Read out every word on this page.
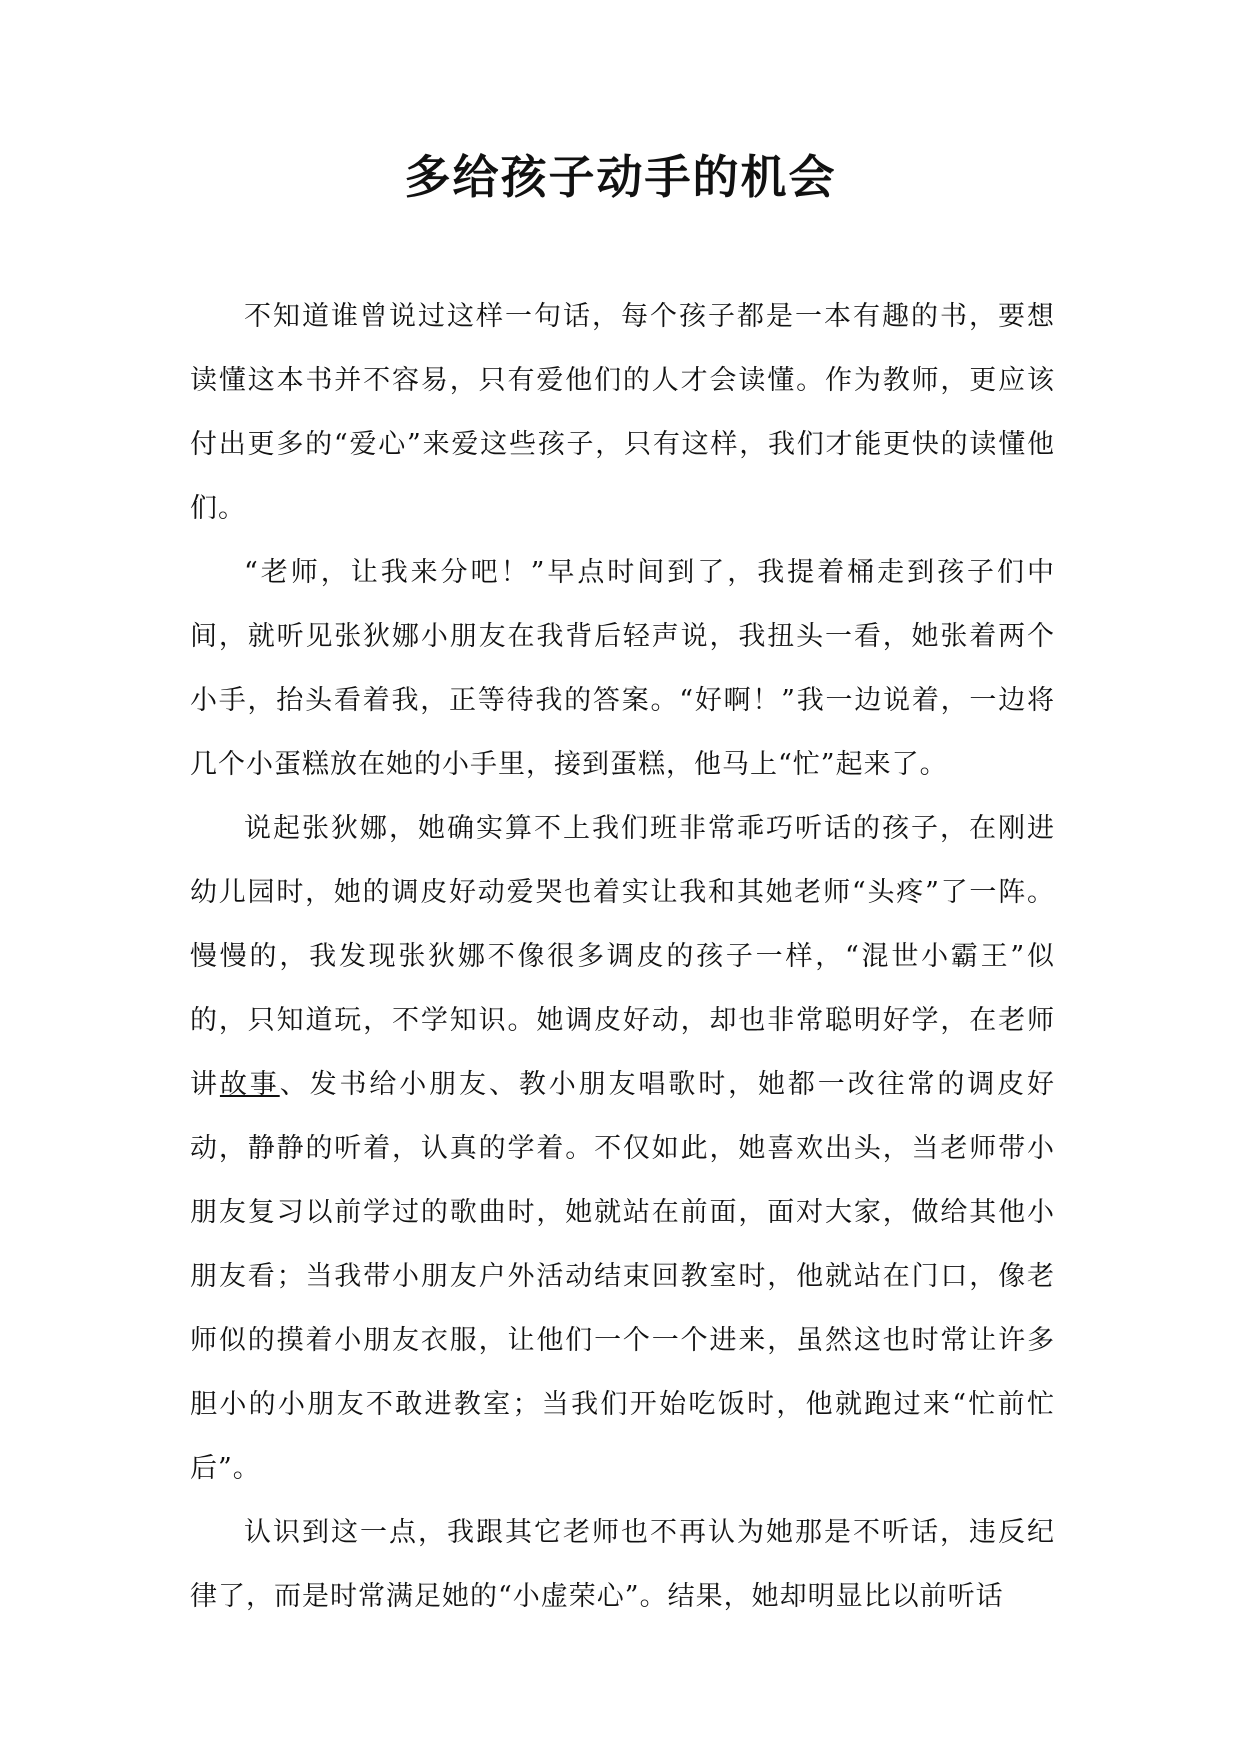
多给孩子动手的机会

不知道谁曾说过这样一句话，每个孩子都是一本有趣的书，要想读懂这本书并不容易，只有爱他们的人才会读懂。作为教师，更应该付出更多的“爱心”来爱这些孩子，只有这样，我们才能更快的读懂他们。

“老师，让我来分吧！”早点时间到了，我提着桶走到孩子们中间，就听见张狄娜小朋友在我背后轻声说，我扭头一看，她张着两个小手，抬头看着我，正等待我的答案。“好啊！”我一边说着，一边将几个小蛋糕放在她的小手里，接到蛋糕，他马上“忙”起来了。

说起张狄娜，她确实算不上我们班非常乖巧听话的孩子，在刚进幼儿园时，她的调皮好动爱哭也着实让我和其她老师“头疼”了一阵。慢慢的，我发现张狄娜不像很多调皮的孩子一样，“混世小霸王”似的，只知道玩，不学知识。她调皮好动，却也非常聪明好学，在老师讲故事、发书给小朋友、教小朋友唱歌时，她都一改往常的调皮好动，静静的听着，认真的学着。不仅如此，她喜欢出头，当老师带小朋友复习以前学过的歌曲时，她就站在前面，面对大家，做给其他小朋友看；当我带小朋友户外活动结束回教室时，他就站在门口，像老师似的摸着小朋友衣服，让他们一个一个进来，虽然这也时常让许多胆小的小朋友不敢进教室；当我们开始吃饭时，他就跑过来“忙前忙后”。

认识到这一点，我跟其它老师也不再认为她那是不听话，违反纪律了，而是时常满足她的“小虚荣心”。结果，她却明显比以前听话
